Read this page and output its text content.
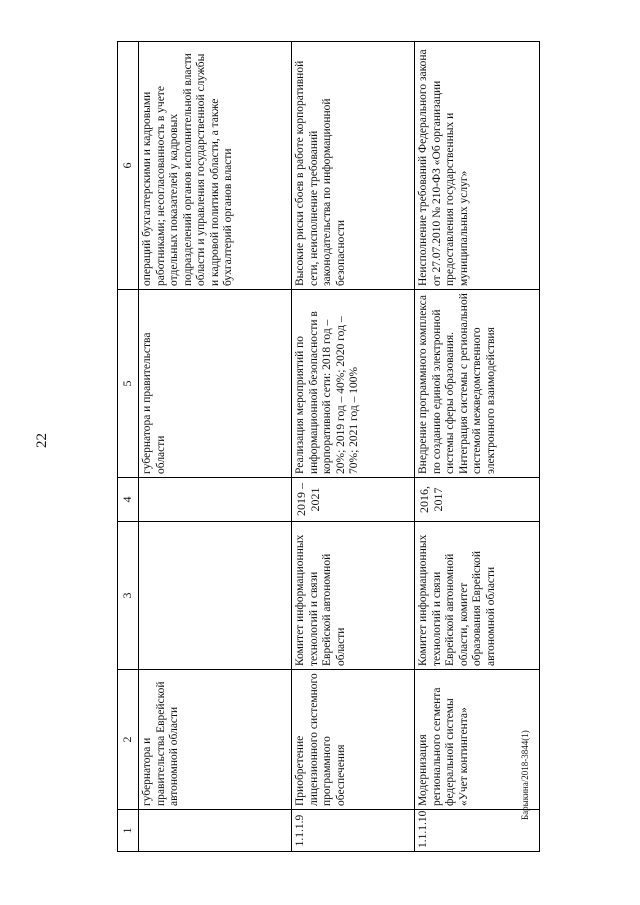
22
1	2	3	4	5	6
	губернатора и правительства Еврейской автономной области			губернатора и правительства области	операций бухгалтерскими и кадровыми работниками; несогласованность в учете отдельных показателей у кадровых подразделений органов исполнительной власти области и управления государственной службы и кадровой политики области, а также бухгалтерий органов власти
1.1.1.9	Приобретение лицензионного системного программного обеспечения	Комитет информационных технологий и связи Еврейской автономной области	2019 – 2021	Реализация мероприятий по информационной безопасности в корпоративной сети: 2018 год – 20%; 2019 год – 40%; 2020 год – 70%; 2021 год – 100%	Высокие риски сбоев в работе корпоративной сети, неисполнение требований законодательства по информационной безопасности
1.1.1.10	Модернизация регионального сегмента федеральной системы «Учет контингента»	Комитет информационных технологий и связи Еврейской автономной области, комитет образования Еврейской автономной области	2016, 2017	Внедрение программного комплекса по созданию единой электронной системы сферы образования. Интеграция системы с региональной системой межведомственного электронного взаимодействия	Неисполнение требований Федерального закона от 27.07.2010 № 210-ФЗ «Об организации предоставления государственных и муниципальных услуг»
Барыкина/2018-3844(1)
